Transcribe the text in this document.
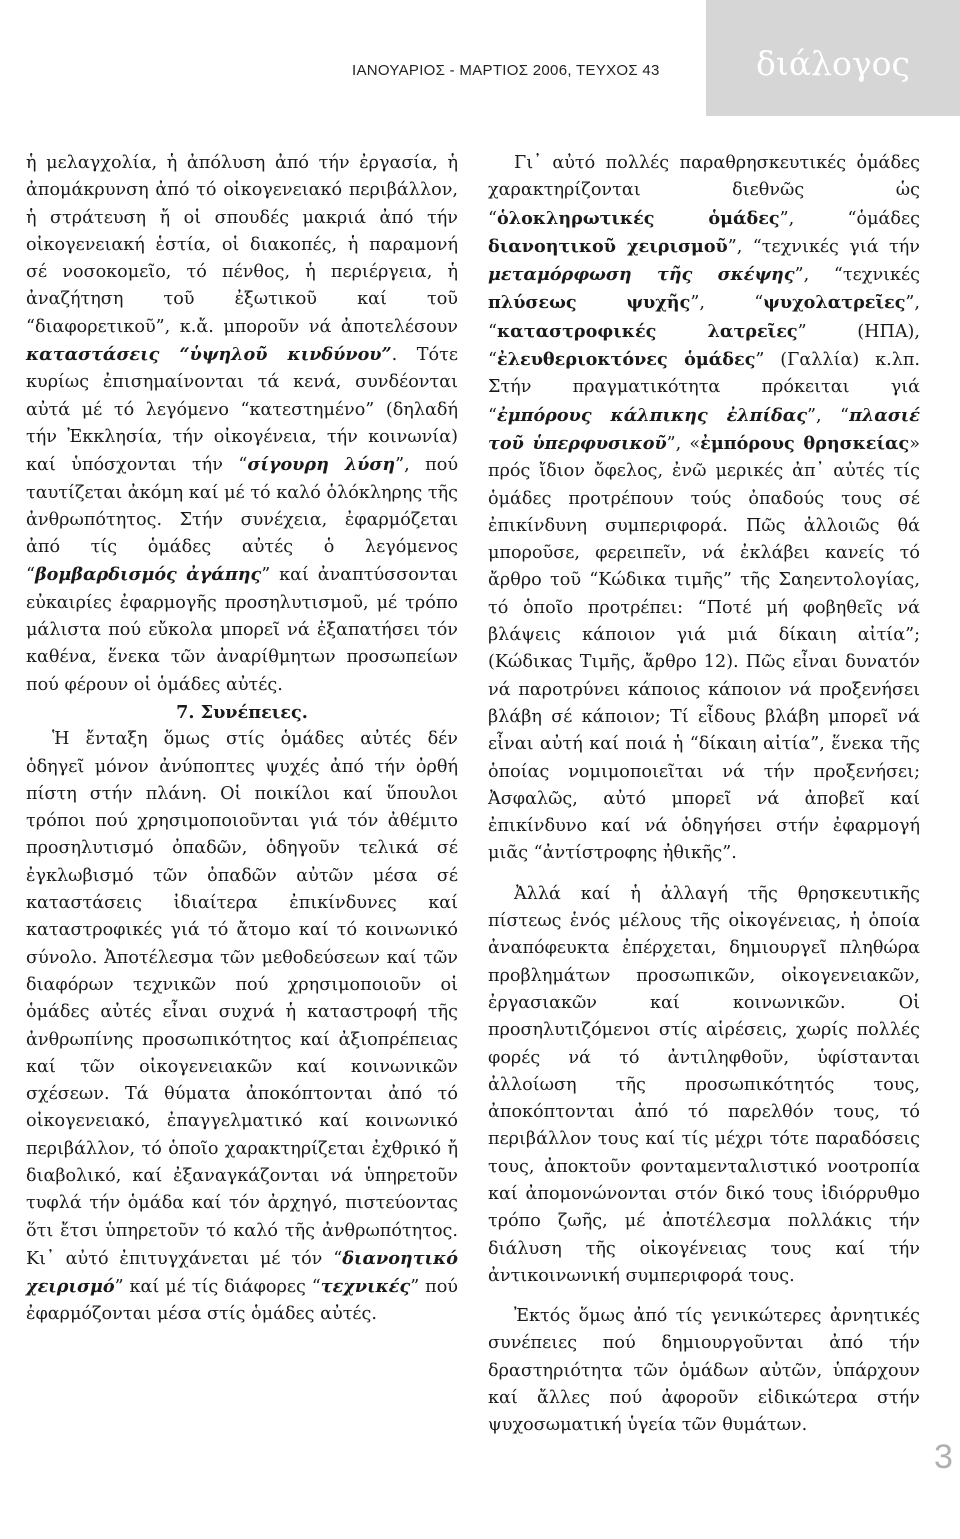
ΙΑΝΟΥΑΡΙΟΣ - ΜΑΡΤΙΟΣ 2006, ΤΕΥΧΟΣ 43	διάλογος

ἡ μελαγχολία, ἡ ἀπόλυση ἀπό τήν ἐργασία, ἡ ἀπομάκρυνση ἀπό τό οἰκογενειακό περιβάλλον, ἡ στράτευση ἤ οἱ σπουδές μακριά ἀπό τήν οἰκογενειακή ἑστία, οἱ διακοπές, ἡ παραμονή σέ νοσοκομεῖο, τό πένθος, ἡ περιέργεια, ἡ ἀναζήτηση τοῦ ἐξωτικοῦ καί τοῦ “διαφορετικοῦ”, κ.ἄ. μποροῦν νά ἀποτελέσουν καταστάσεις “ὑψηλοῦ κινδύνου”. Τότε κυρίως ἐπισημαίνονται τά κενά, συνδέονται αὐτά μέ τό λεγόμενο “κατεστημένο” (δηλαδή τήν Ἐκκλησία, τήν οἰκογένεια, τήν κοινωνία) καί ὑπόσχονται τήν “σίγουρη λύση”, πού ταυτίζεται ἀκόμη καί μέ τό καλό ὁλόκληρης τῆς ἀνθρωπότητος. Στήν συνέχεια, ἐφαρμόζεται ἀπό τίς ὁμάδες αὐτές ὁ λεγόμενος “βομβαρδισμός ἀγάπης” καί ἀναπτύσσονται εὐκαιρίες ἐφαρμογῆς προσηλυτισμοῦ, μέ τρόπο μάλιστα πού εὔκολα μπορεῖ νά ἐξαπατήσει τόν καθένα, ἕνεκα τῶν ἀναρίθμητων προσωπείων πού φέρουν οἱ ὁμάδες αὐτές.

7. Συνέπειες.

Ἡ ἔνταξη ὅμως στίς ὁμάδες αὐτές δέν ὁδηγεῖ μόνον ἀνύποπτες ψυχές ἀπό τήν ὀρθή πίστη στήν πλάνη. Οἱ ποικίλοι καί ὕπουλοι τρόποι πού χρησιμοποιοῦνται γιά τόν ἀθέμιτο προσηλυτισμό ὀπαδῶν, ὁδηγοῦν τελικά σέ ἐγκλωβισμό τῶν ὀπαδῶν αὐτῶν μέσα σέ καταστάσεις ἰδιαίτερα ἐπικίνδυνες καί καταστροφικές γιά τό ἄτομο καί τό κοινωνικό σύνολο. Ἀποτέλεσμα τῶν μεθοδεύσεων καί τῶν διαφόρων τεχνικῶν πού χρησιμοποιοῦν οἱ ὁμάδες αὐτές εἶναι συχνά ἡ καταστροφή τῆς ἀνθρωπίνης προσωπικότητος καί ἀξιοπρέπειας καί τῶν οἰκογενειακῶν καί κοινωνικῶν σχέσεων. Τά θύματα ἀποκόπτονται ἀπό τό οἰκογενειακό, ἐπαγγελματικό καί κοινωνικό περιβάλλον, τό ὁποῖο χαρακτηρίζεται ἐχθρικό ἤ διαβολικό, καί ἐξαναγκάζονται νά ὑπηρετοῦν τυφλά τήν ὁμάδα καί τόν ἀρχηγό, πιστεύοντας ὅτι ἔτσι ὑπηρετοῦν τό καλό τῆς ἀνθρωπότητος. Κι᾽ αὐτό ἐπιτυγχάνεται μέ τόν “διανοητικό χειρισμό” καί μέ τίς διάφορες “τεχνικές” πού ἐφαρμόζονται μέσα στίς ὁμάδες αὐτές.

Γι᾽ αὐτό πολλές παραθρησκευτικές ὁμάδες χαρακτηρίζονται διεθνῶς ὡς “ὁλοκληρωτικές ὁμάδες”, “ὁμάδες διανοητικοῦ χειρισμοῦ”, “τεχνικές γιά τήν μεταμόρφωση τῆς σκέψης”, “τεχνικές πλύσεως ψυχῆς”, “ψυχολατρεῖες”, “καταστροφικές λατρεῖες” (ΗΠΑ), “ἐλευθεριοκτόνες ὁμάδες” (Γαλλία) κ.λπ. Στήν πραγματικότητα πρόκειται γιά “ἐμπόρους κάλπικης ἐλπίδας”, “πλασιέ τοῦ ὑπερφυσικοῦ”, «ἐμπόρους θρησκείας» πρός ἴδιον ὄφελος, ἐνῶ μερικές ἀπ᾽ αὐτές τίς ὁμάδες προτρέπουν τούς ὀπαδούς τους σέ ἐπικίνδυνη συμπεριφορά. Πῶς ἀλλοιῶς θά μποροῦσε, φερειπεῖν, νά ἐκλάβει κανείς τό ἄρθρο τοῦ “Κώδικα τιμῆς” τῆς Σαηεντολογίας, τό ὁποῖο προτρέπει: “Ποτέ μή φοβηθεῖς νά βλάψεις κάποιον γιά μιά δίκαιη αἰτία”; (Κώδικας Τιμῆς, ἄρθρο 12). Πῶς εἶναι δυνατόν νά παροτρύνει κάποιος κάποιον νά προξενήσει βλάβη σέ κάποιον; Τί εἶδους βλάβη μπορεῖ νά εἶναι αὐτή καί ποιά ἡ “δίκαιη αἰτία”, ἕνεκα τῆς ὁποίας νομιμοποιεῖται νά τήν προξενήσει; Ἀσφαλῶς, αὐτό μπορεῖ νά ἀποβεῖ καί ἐπικίνδυνο καί νά ὁδηγήσει στήν ἐφαρμογή μιᾶς “ἀντίστροφης ἠθικῆς”.

Ἀλλά καί ἡ ἀλλαγή τῆς θρησκευτικῆς πίστεως ἑνός μέλους τῆς οἰκογένειας, ἡ ὁποία ἀναπόφευκτα ἐπέρχεται, δημιουργεῖ πληθώρα προβλημάτων προσωπικῶν, οἰκογενειακῶν, ἐργασιακῶν καί κοινωνικῶν. Οἱ προσηλυτιζόμενοι στίς αἱρέσεις, χωρίς πολλές φορές νά τό ἀντιληφθοῦν, ὑφίστανται ἀλλοίωση τῆς προσωπικότητός τους, ἀποκόπτονται ἀπό τό παρελθόν τους, τό περιβάλλον τους καί τίς μέχρι τότε παραδόσεις τους, ἀποκτοῦν φονταμενταλιστικό νοοτροπία καί ἀπομονώνονται στόν δικό τους ἰδιόρρυθμο τρόπο ζωῆς, μέ ἀποτέλεσμα πολλάκις τήν διάλυση τῆς οἰκογένειας τους καί τήν ἀντικοινωνική συμπεριφορά τους.

Ἐκτός ὅμως ἀπό τίς γενικώτερες ἀρνητικές συνέπειες πού δημιουργοῦνται ἀπό τήν δραστηριότητα τῶν ὁμάδων αὐτῶν, ὑπάρχουν καί ἄλλες πού ἀφοροῦν εἰδικώτερα στήν ψυχοσωματική ὑγεία τῶν θυμάτων.

3
